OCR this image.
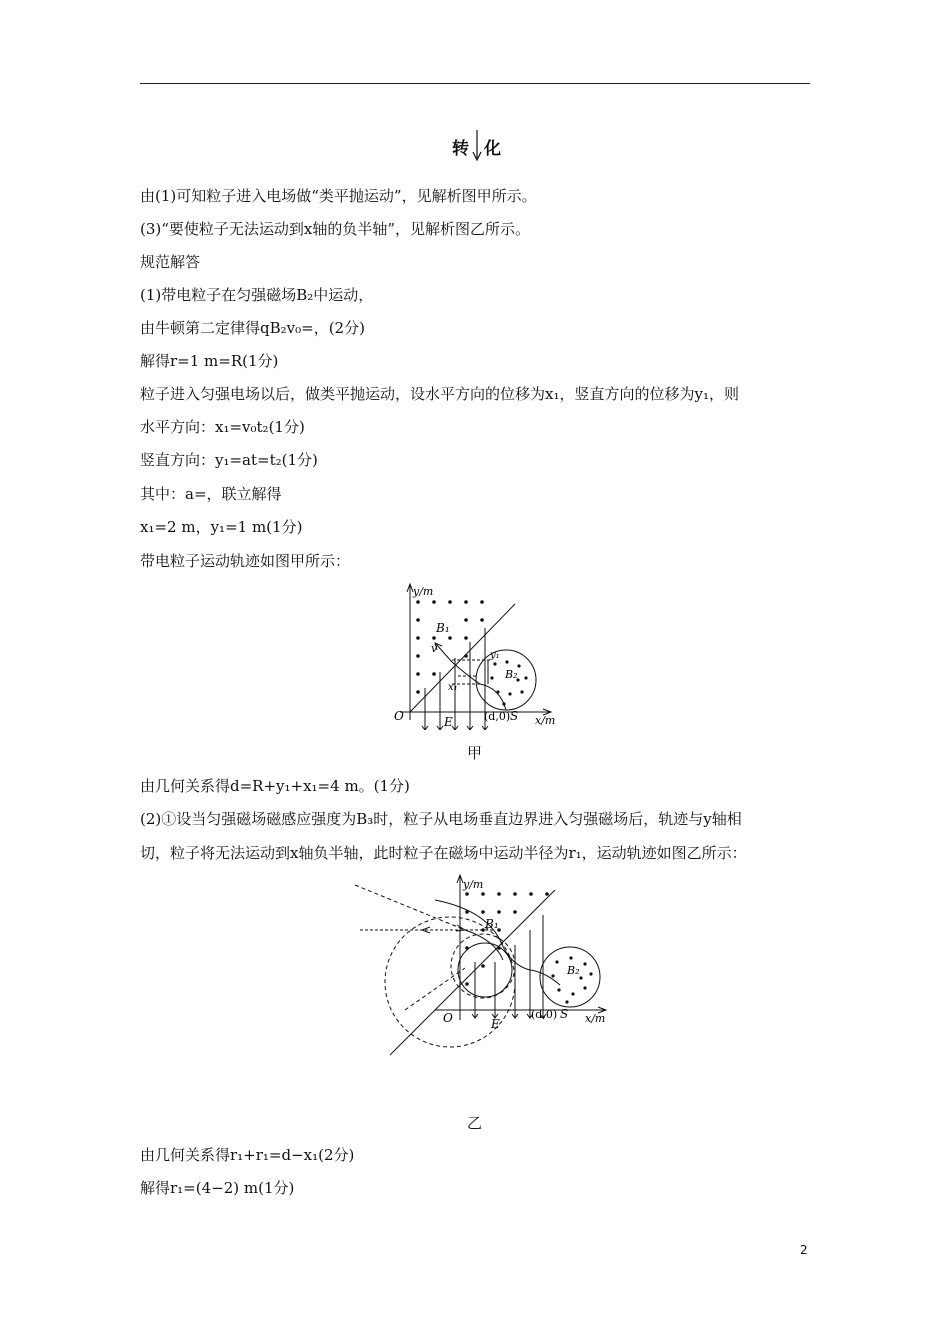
转 化
由(1)可知粒子进入电场做“类平抛运动”，见解析图甲所示。
(3)“要使粒子无法运动到x轴的负半轴”，见解析图乙所示。
规范解答
(1)带电粒子在匀强磁场B₂中运动，
由牛顿第二定律得qB₂v₀=，(2分)
解得r=1 m=R(1分)
粒子进入匀强电场以后，做类平抛运动，设水平方向的位移为x₁，竖直方向的位移为y₁，则
水平方向：x₁=v₀t₂(1分)
竖直方向：y₁=at=t₂(1分)
其中：a=，联立解得
x₁=2 m，y₁=1 m(1分)
带电粒子运动轨迹如图甲所示：
y/m
x/m
O
B₁
B₂
v
y₁
x₁
E	(d,0) S
甲
由几何关系得d=R+y₁+x₁=4 m。(1分)
(2)①设当匀强磁场磁感应强度为B₃时，粒子从电场垂直边界进入匀强磁场后，轨迹与y轴相
切，粒子将无法运动到x轴负半轴，此时粒子在磁场中运动半径为r₁，运动轨迹如图乙所示：
y/m
x/m
O
B₁
B₂
E
(d,0) S
乙
由几何关系得r₁+r₁=d−x₁(2分)
解得r₁=(4−2) m(1分)
2
